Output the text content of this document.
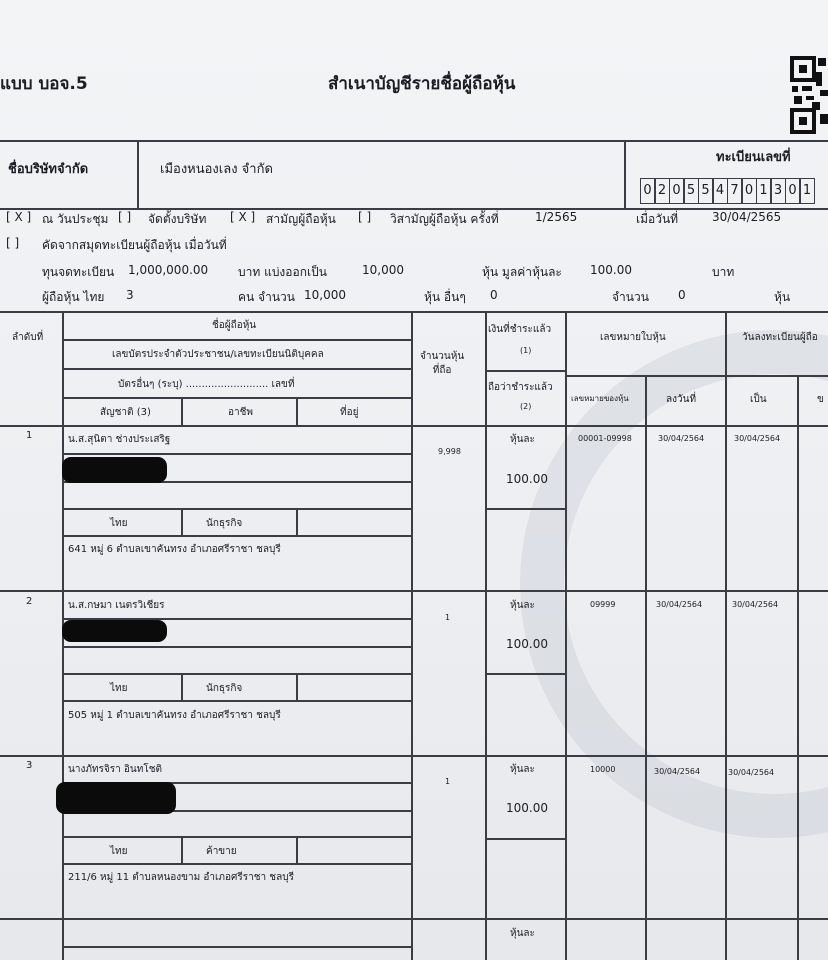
แบบ บอจ.5	สำเนาบัญชีรายชื่อผู้ถือหุ้น
ชื่อบริษัทจำกัด	เมืองหนองเลง จำกัด
ทะเบียนเลขที่
0 2 0 5 5 4 7 0 1 3 0 1
[ X ] ณ วันประชุม [ ] จัดตั้งบริษัท [ X ] สามัญผู้ถือหุ้น [ ] วิสามัญผู้ถือหุ้น ครั้งที่	1/2565	เมื่อวันที่	30/04/2565
[ ] คัดจากสมุดทะเบียนผู้ถือหุ้น เมื่อวันที่
ทุนจดทะเบียน 1,000,000.00 บาท แบ่งออกเป็น	10,000	หุ้น มูลค่าหุ้นละ 100.00	บาท
ผู้ถือหุ้น ไทย 3	คน จำนวน 10,000	หุ้น อื่นๆ 0	จำนวน 0	หุ้น
ลำดับที่
ชื่อผู้ถือหุ้น
เลขบัตรประจำตัวประชาชน/เลขทะเบียนนิติบุคคล
บัตรอื่นๆ (ระบุ) .......................... เลขที่
สัญชาติ (3)	อาชีพ	ที่อยู่
จำนวนหุ้น
ที่ถือ
เงินที่ชำระแล้ว
(1)
ถือว่าชำระแล้ว
(2)
เลขหมายใบหุ้น
เลขหมายของหุ้น	ลงวันที่
วันลงทะเบียนผู้ถือ
เป็น	ข
1	น.ส.สุนิตา ช่างประเสริฐ
9,998
หุ้นละ
100.00
00001-09998	30/04/2564	30/04/2564
ไทย	นักธุรกิจ
641 หมู่ 6 ตำบลเขาคันทรง อำเภอศรีราชา ชลบุรี
2	น.ส.กษมา เนตรวิเชียร
1
หุ้นละ
100.00
09999	30/04/2564	30/04/2564
ไทย	นักธุรกิจ
505 หมู่ 1 ตำบลเขาคันทรง อำเภอศรีราชา ชลบุรี
3	นางภัทรจิรา อินทโชติ
1
หุ้นละ
100.00
10000	30/04/2564	30/04/2564
ไทย	ค้าขาย
211/6 หมู่ 11 ตำบลหนองขาม อำเภอศรีราชา ชลบุรี
หุ้นละ
